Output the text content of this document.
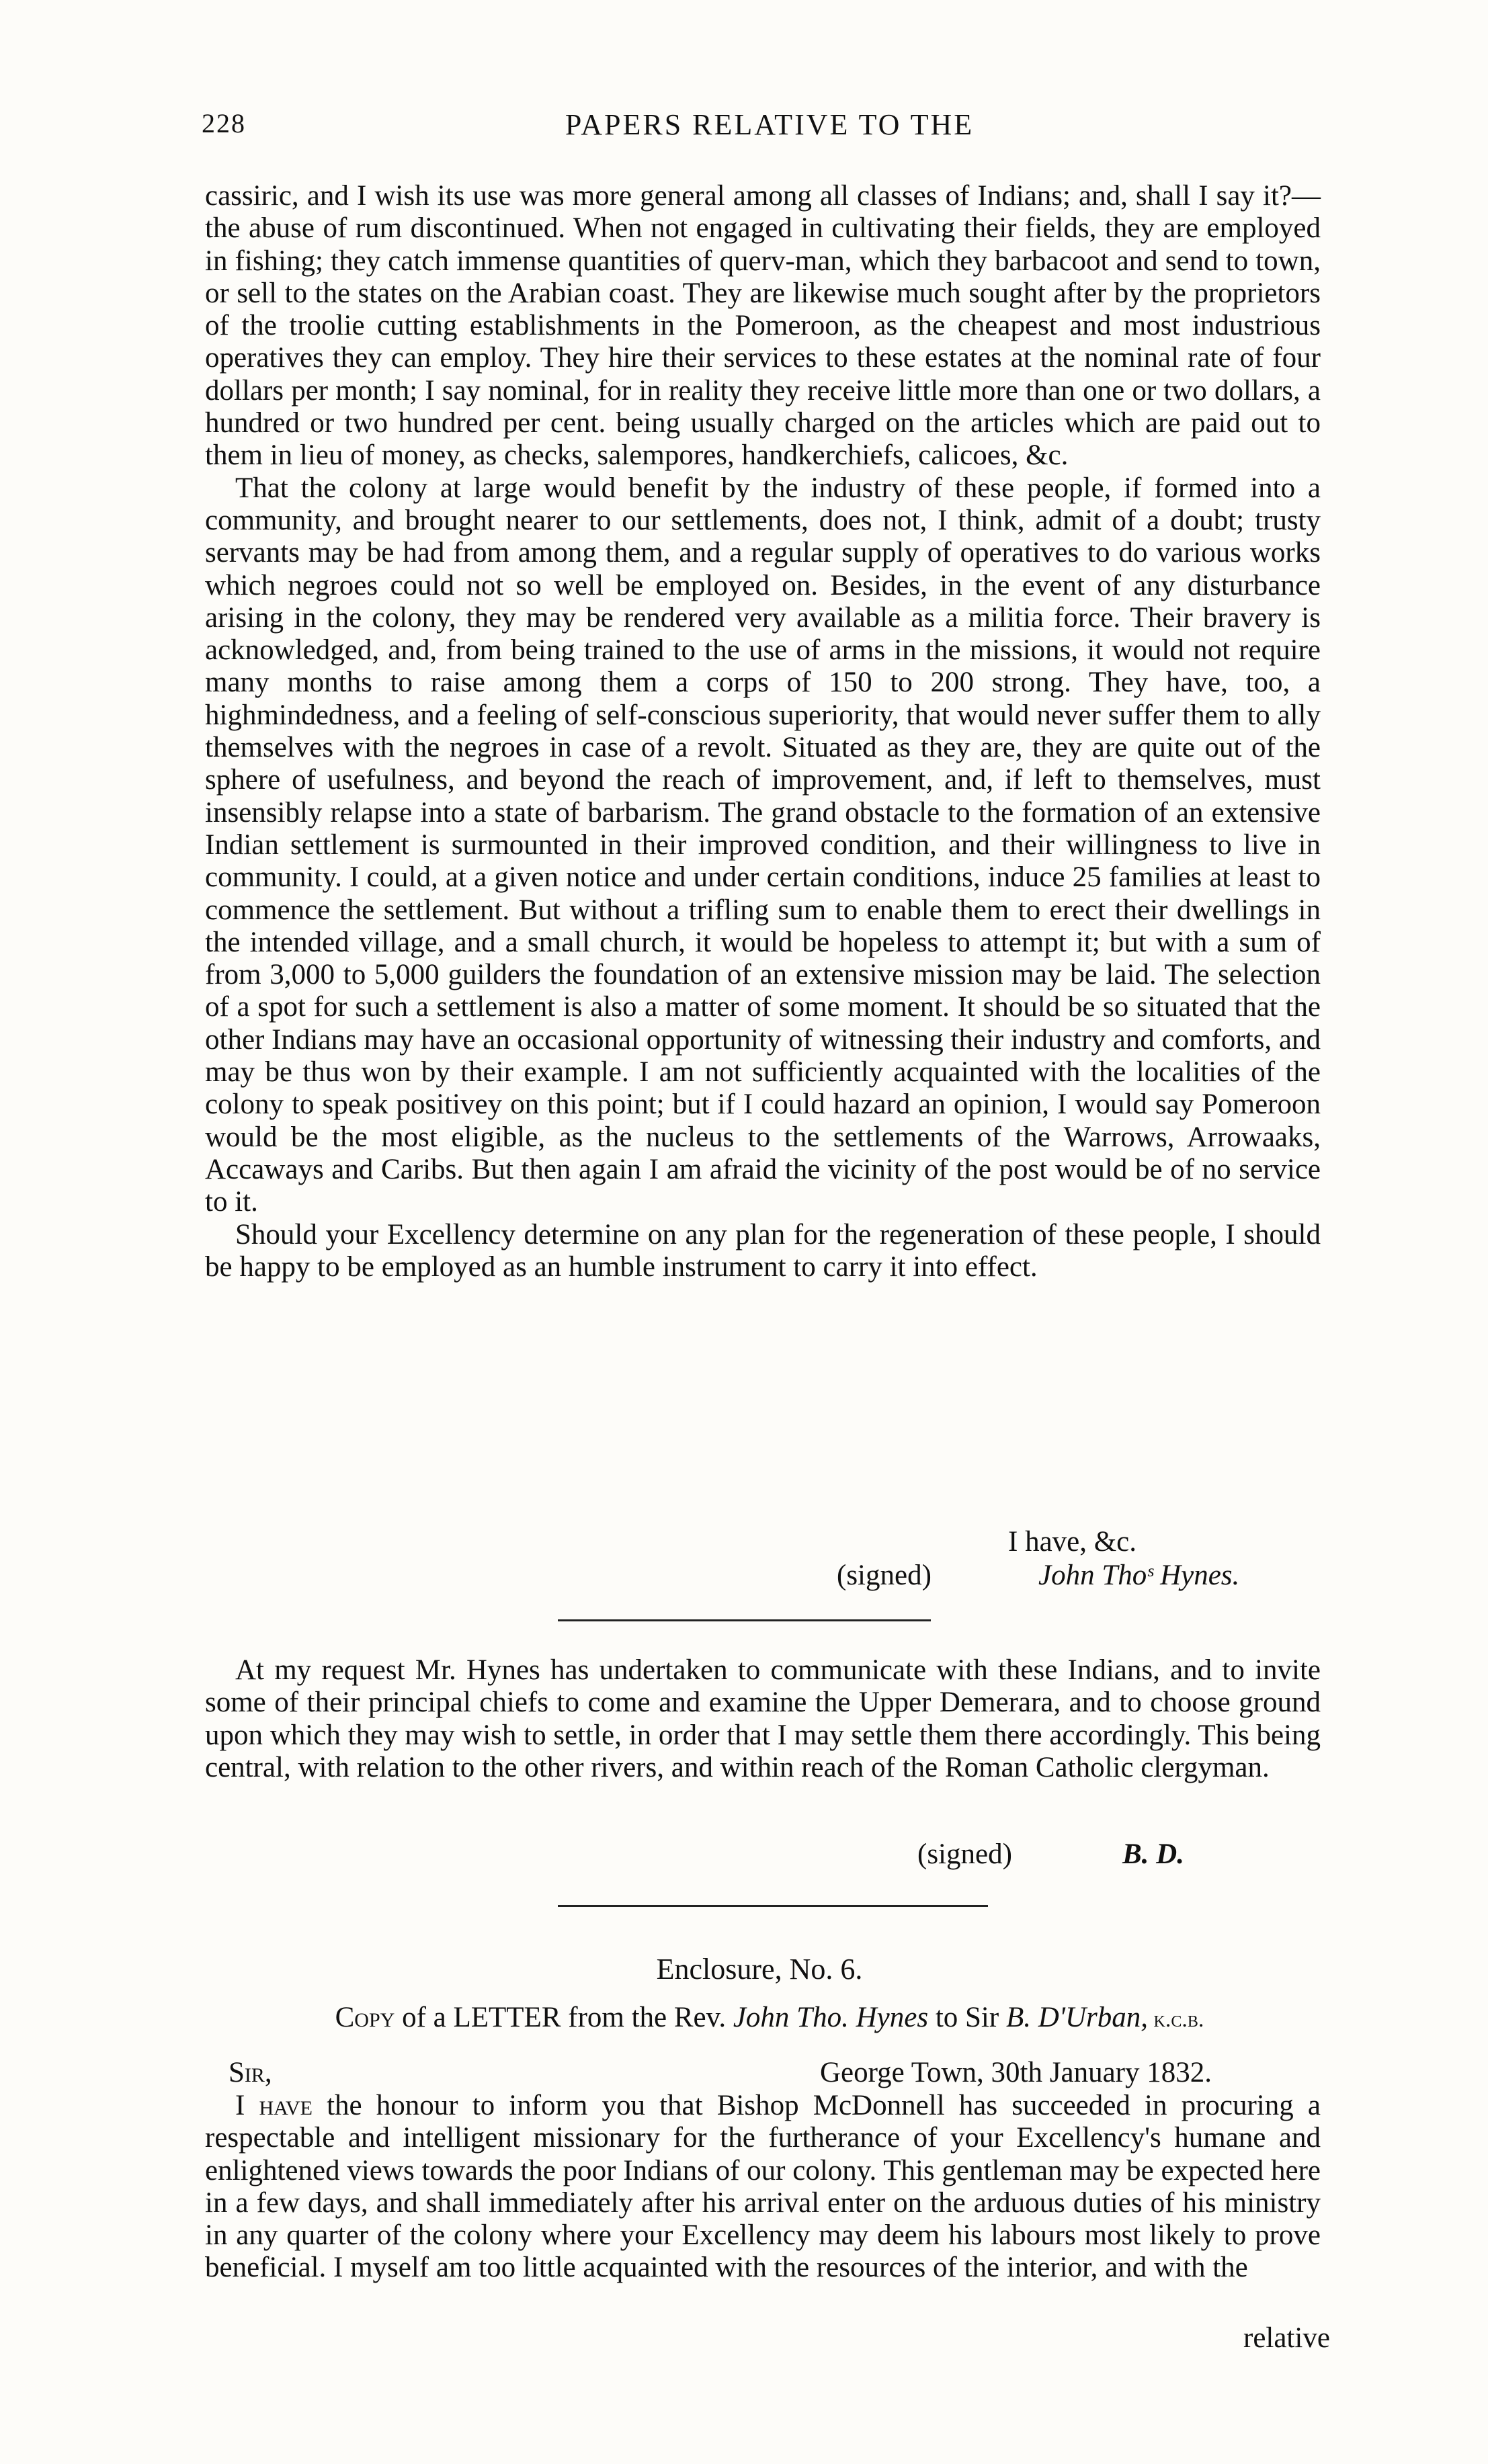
228	PAPERS RELATIVE TO THE

cassiric, and I wish its use was more general among all classes of Indians; and, shall I say it?—the abuse of rum discontinued. When not engaged in cultivating their fields, they are employed in fishing; they catch immense quantities of querv-man, which they barbacoot and send to town, or sell to the states on the Arabian coast. They are likewise much sought after by the proprietors of the troolie cutting establishments in the Pomeroon, as the cheapest and most industrious operatives they can employ. They hire their services to these estates at the nominal rate of four dollars per month; I say nominal, for in reality they receive little more than one or two dollars, a hundred or two hundred per cent. being usually charged on the articles which are paid out to them in lieu of money, as checks, salempores, handkerchiefs, calicoes, &c.

That the colony at large would benefit by the industry of these people, if formed into a community, and brought nearer to our settlements, does not, I think, admit of a doubt; trusty servants may be had from among them, and a regular supply of operatives to do various works which negroes could not so well be employed on. Besides, in the event of any disturbance arising in the colony, they may be rendered very available as a militia force. Their bravery is acknowledged, and, from being trained to the use of arms in the missions, it would not require many months to raise among them a corps of 150 to 200 strong. They have, too, a highmindedness, and a feeling of self-conscious superiority, that would never suffer them to ally themselves with the negroes in case of a revolt. Situated as they are, they are quite out of the sphere of usefulness, and beyond the reach of improvement, and, if left to themselves, must insensibly relapse into a state of barbarism. The grand obstacle to the formation of an extensive Indian settlement is surmounted in their improved condition, and their willingness to live in community. I could, at a given notice and under certain conditions, induce 25 families at least to commence the settlement. But without a trifling sum to enable them to erect their dwellings in the intended village, and a small church, it would be hopeless to attempt it; but with a sum of from 3,000 to 5,000 guilders the foundation of an extensive mission may be laid. The selection of a spot for such a settlement is also a matter of some moment. It should be so situated that the other Indians may have an occasional opportunity of witnessing their industry and comforts, and may be thus won by their example. I am not sufficiently acquainted with the localities of the colony to speak positivey on this point; but if I could hazard an opinion, I would say Pomeroon would be the most eligible, as the nucleus to the settlements of the Warrows, Arrowaaks, Accaways and Caribs. But then again I am afraid the vicinity of the post would be of no service to it.

Should your Excellency determine on any plan for the regeneration of these people, I should be happy to be employed as an humble instrument to carry it into effect.

I have, &c.
(signed)	John Thoˢ Hynes.

At my request Mr. Hynes has undertaken to communicate with these Indians, and to invite some of their principal chiefs to come and examine the Upper Demerara, and to choose ground upon which they may wish to settle, in order that I may settle them there accordingly. This being central, with relation to the other rivers, and within reach of the Roman Catholic clergyman.

(signed)	B. D.
Enclosure, No. 6.
Copy of a LETTER from the Rev. John Tho. Hynes to Sir B. D'Urban, k.c.b.
Sir,	George Town, 30th January 1832.

I have the honour to inform you that Bishop McDonnell has succeeded in procuring a respectable and intelligent missionary for the furtherance of your Excellency's humane and enlightened views towards the poor Indians of our colony. This gentleman may be expected here in a few days, and shall immediately after his arrival enter on the arduous duties of his ministry in any quarter of the colony where your Excellency may deem his labours most likely to prove beneficial. I myself am too little acquainted with the resources of the interior, and with the

relative
